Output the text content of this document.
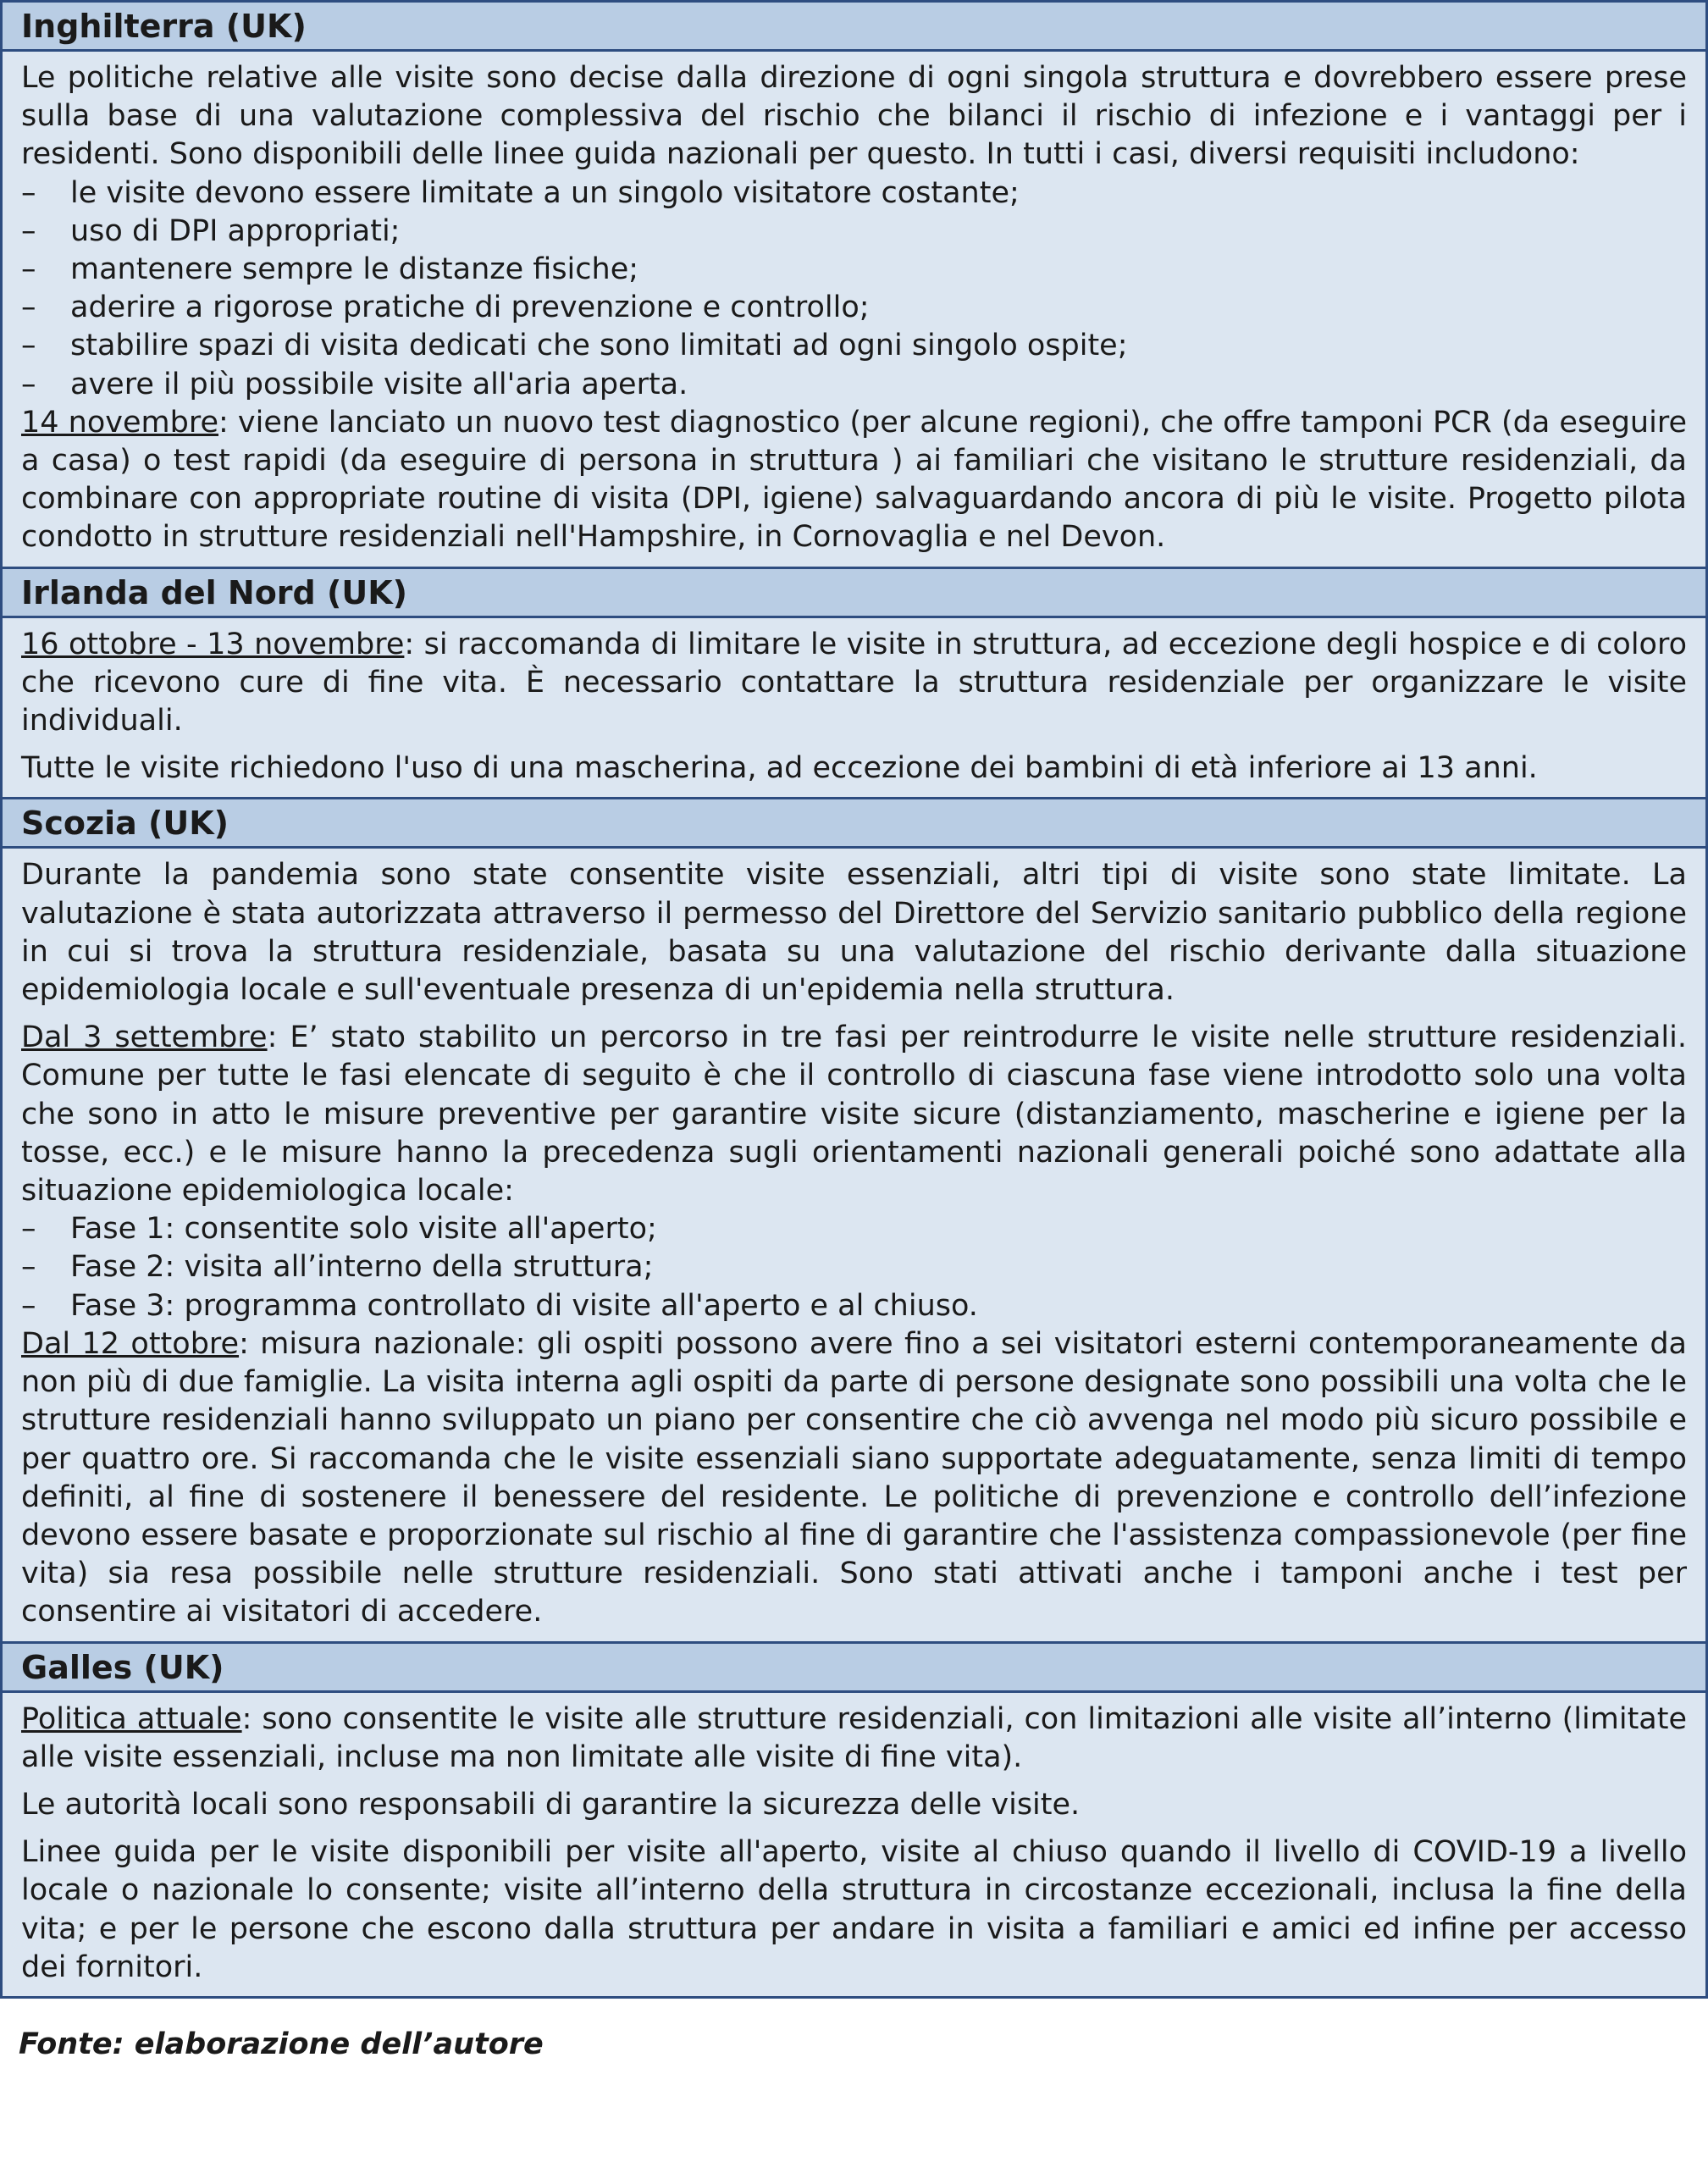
Inghilterra (UK)

Le politiche relative alle visite sono decise dalla direzione di ogni singola struttura e dovrebbero essere prese sulla base di una valutazione complessiva del rischio che bilanci il rischio di infezione e i vantaggi per i residenti. Sono disponibili delle linee guida nazionali per questo. In tutti i casi, diversi requisiti includono:

– le visite devono essere limitate a un singolo visitatore costante;
– uso di DPI appropriati;
– mantenere sempre le distanze fisiche;
– aderire a rigorose pratiche di prevenzione e controllo;
– stabilire spazi di visita dedicati che sono limitati ad ogni singolo ospite;
– avere il più possibile visite all'aria aperta.

14 novembre: viene lanciato un nuovo test diagnostico (per alcune regioni), che offre tamponi PCR (da eseguire a casa) o test rapidi (da eseguire di persona in struttura ) ai familiari che visitano le strutture residenziali, da combinare con appropriate routine di visita (DPI, igiene) salvaguardando ancora di più le visite. Progetto pilota condotto in strutture residenziali nell'Hampshire, in Cornovaglia e nel Devon.

Irlanda del Nord (UK)

16 ottobre - 13 novembre: si raccomanda di limitare le visite in struttura, ad eccezione degli hospice e di coloro che ricevono cure di fine vita. È necessario contattare la struttura residenziale per organizzare le visite individuali.

Tutte le visite richiedono l'uso di una mascherina, ad eccezione dei bambini di età inferiore ai 13 anni.

Scozia (UK)

Durante la pandemia sono state consentite visite essenziali, altri tipi di visite sono state limitate. La valutazione è stata autorizzata attraverso il permesso del Direttore del Servizio sanitario pubblico della regione in cui si trova la struttura residenziale, basata su una valutazione del rischio derivante dalla situazione epidemiologia locale e sull'eventuale presenza di un'epidemia nella struttura.

Dal 3 settembre: E’ stato stabilito un percorso in tre fasi per reintrodurre le visite nelle strutture residenziali. Comune per tutte le fasi elencate di seguito è che il controllo di ciascuna fase viene introdotto solo una volta che sono in atto le misure preventive per garantire visite sicure (distanziamento, mascherine e igiene per la tosse, ecc.) e le misure hanno la precedenza sugli orientamenti nazionali generali poiché sono adattate alla situazione epidemiologica locale:

– Fase 1: consentite solo visite all'aperto;
– Fase 2: visita all’interno della struttura;
– Fase 3: programma controllato di visite all'aperto e al chiuso.

Dal 12 ottobre: misura nazionale: gli ospiti possono avere fino a sei visitatori esterni contemporaneamente da non più di due famiglie. La visita interna agli ospiti da parte di persone designate sono possibili una volta che le strutture residenziali hanno sviluppato un piano per consentire che ciò avvenga nel modo più sicuro possibile e per quattro ore. Si raccomanda che le visite essenziali siano supportate adeguatamente, senza limiti di tempo definiti, al fine di sostenere il benessere del residente. Le politiche di prevenzione e controllo dell’infezione devono essere basate e proporzionate sul rischio al fine di garantire che l'assistenza compassionevole (per fine vita) sia resa possibile nelle strutture residenziali. Sono stati attivati anche i tamponi anche i test per consentire ai visitatori di accedere.

Galles (UK)

Politica attuale: sono consentite le visite alle strutture residenziali, con limitazioni alle visite all’interno (limitate alle visite essenziali, incluse ma non limitate alle visite di fine vita).

Le autorità locali sono responsabili di garantire la sicurezza delle visite.

Linee guida per le visite disponibili per visite all'aperto, visite al chiuso quando il livello di COVID-19 a livello locale o nazionale lo consente; visite all’interno della struttura in circostanze eccezionali, inclusa la fine della vita; e per le persone che escono dalla struttura per andare in visita a familiari e amici ed infine per accesso dei fornitori.

Fonte: elaborazione dell’autore
